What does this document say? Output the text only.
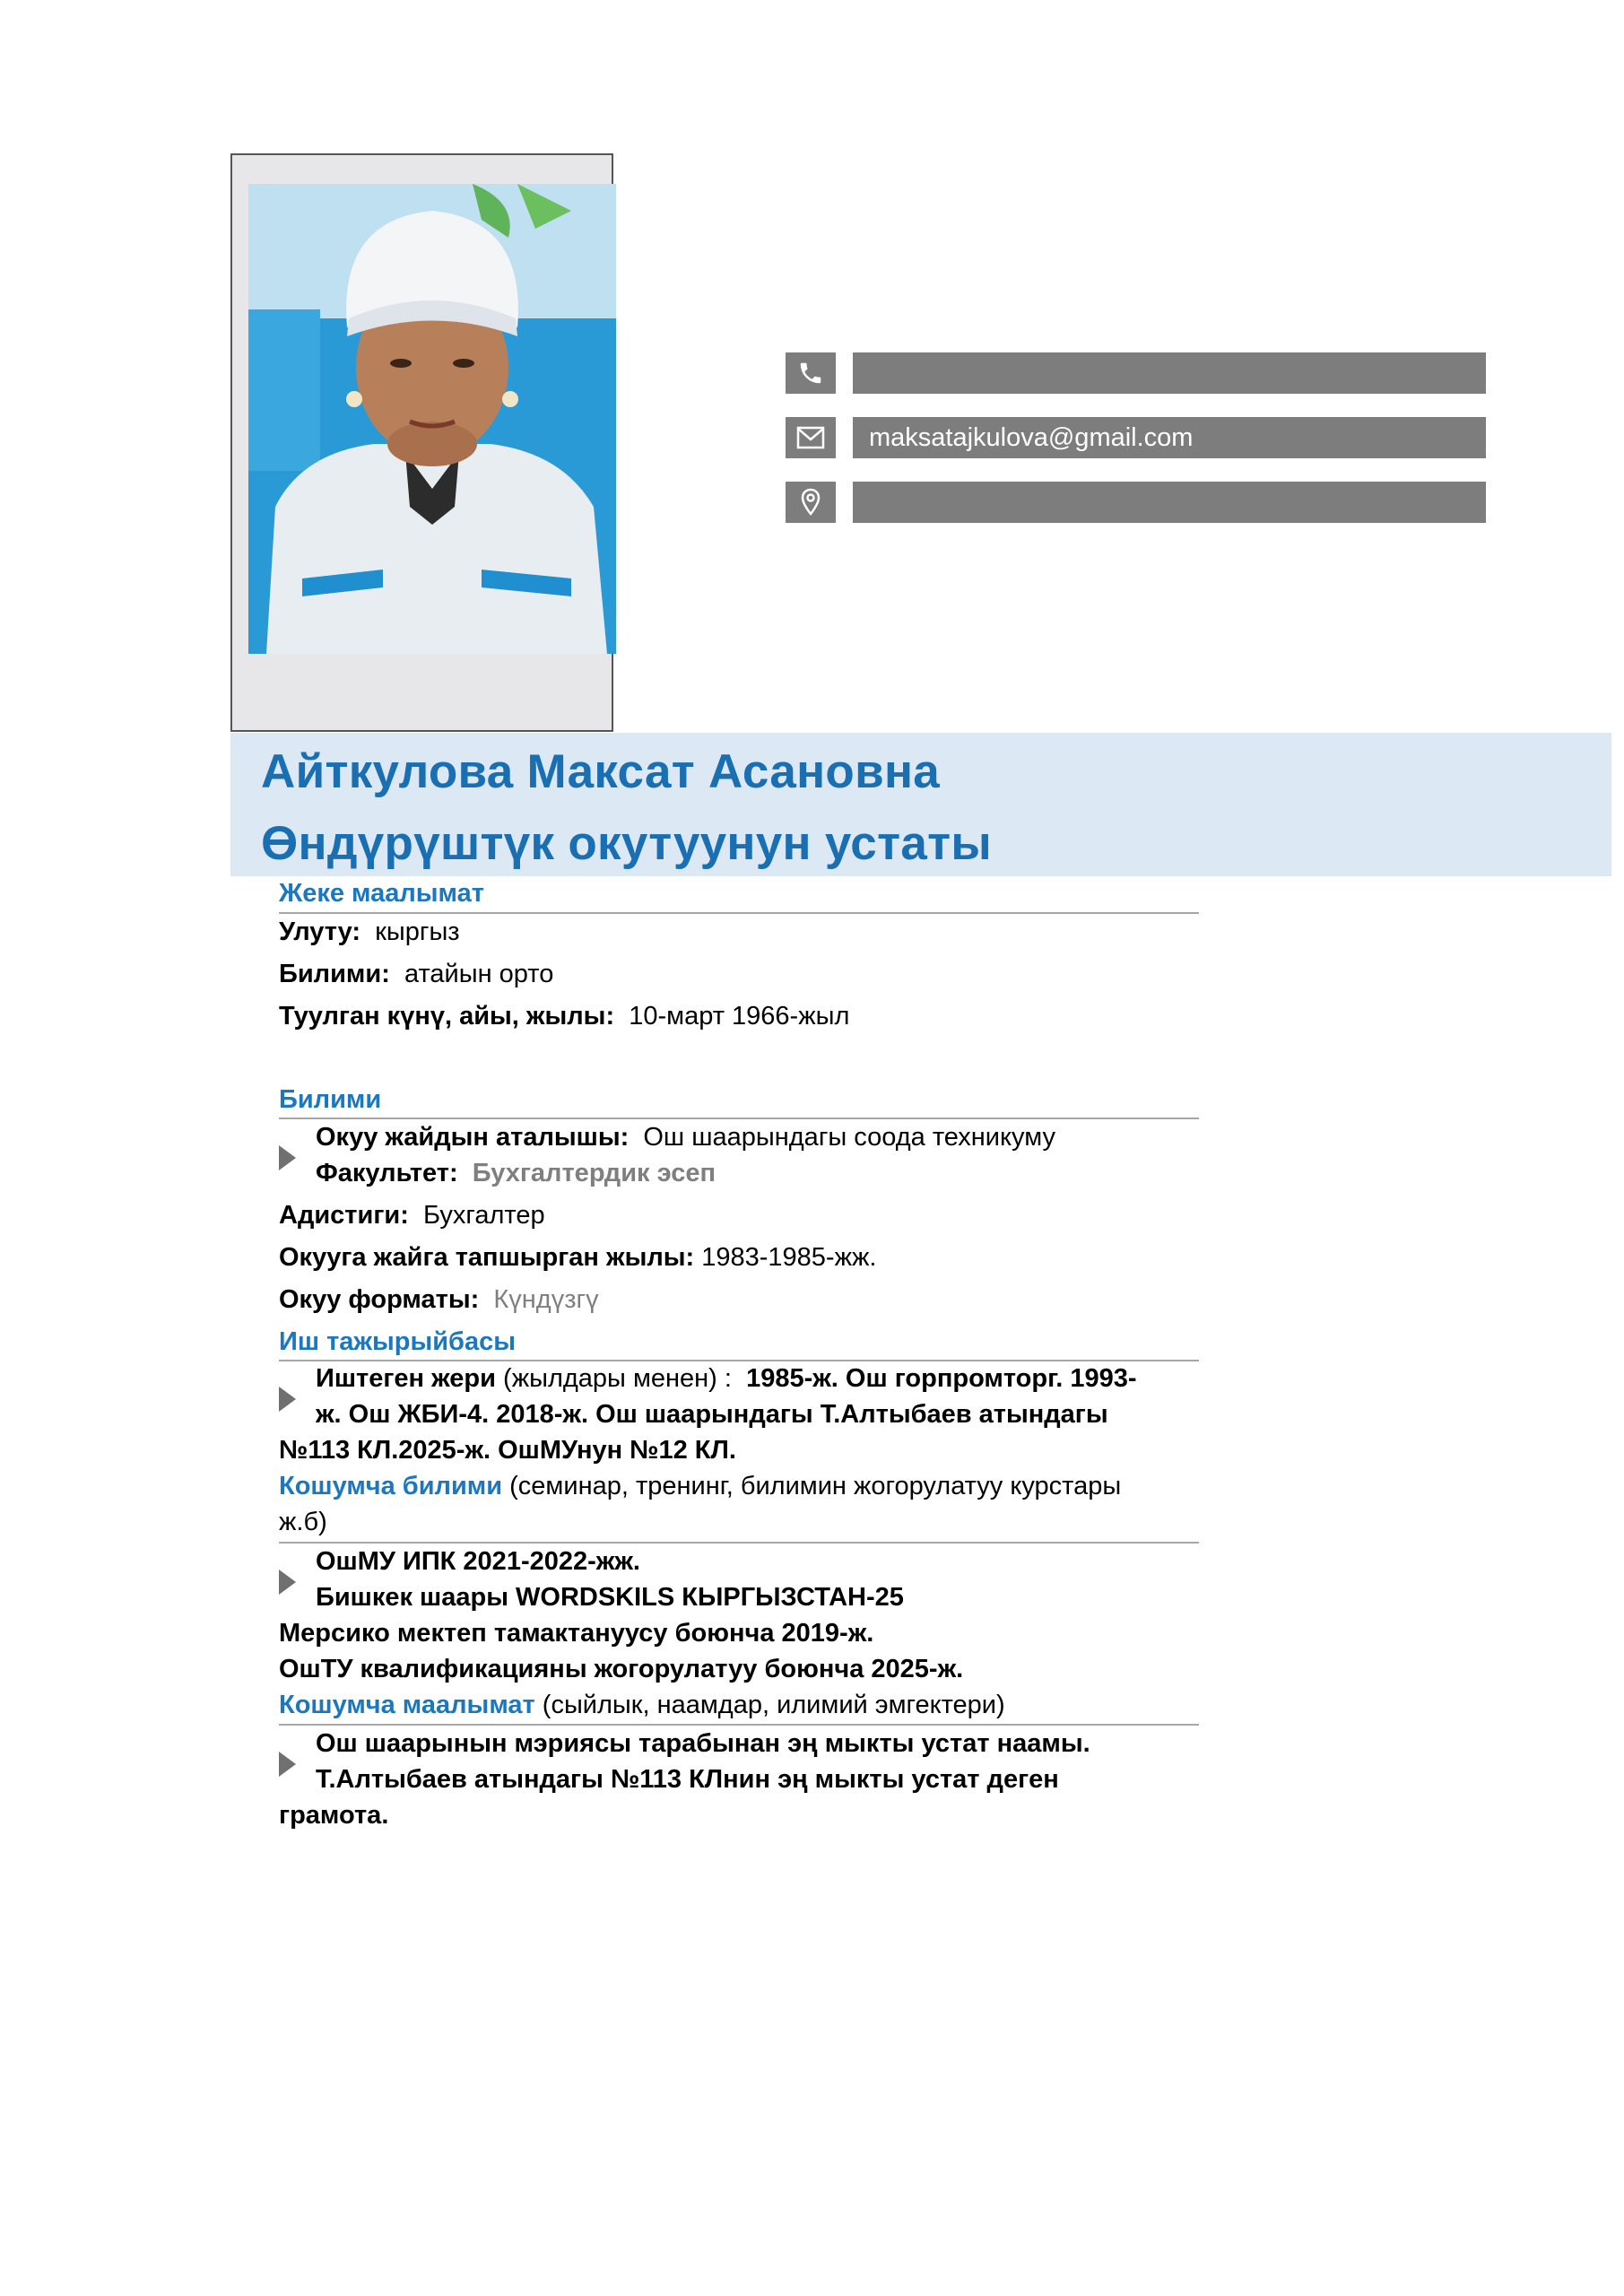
maksatajkulova@gmail.com
Айткулова Максат Асановна
Өндүрүштүк окутуунун устаты
Жеке маалымат
Улуту: кыргыз
Билими: атайын орто
Туулган күнү, айы, жылы: 10-март 1966-жыл
Билими
Окуу жайдын аталышы: Ош шаарындагы соода техникуму
Факультет: Бухгалтердик эсеп
Адистиги: Бухгалтер
Окууга жайга тапшырган жылы: 1983-1985-жж.
Окуу форматы: Күндүзгү
Иш тажырыйбасы
Иштеген жери (жылдары менен) : 1985-ж. Ош горпромторг. 1993-
ж. Ош ЖБИ-4. 2018-ж. Ош шаарындагы Т.Алтыбаев атындагы
№113 КЛ.2025-ж. ОшМУнун №12 КЛ.
Кошумча билими (семинар, тренинг, билимин жогорулатуу курстары
ж.б)
ОшМУ ИПК 2021-2022-жж.
Бишкек шаары WORDSKILS КЫРГЫЗСТАН-25
Мерсико мектеп тамактануусу боюнча 2019-ж.
ОшТУ квалификацияны жогорулатуу боюнча 2025-ж.
Кошумча маалымат (сыйлык, наамдар, илимий эмгектери)
Ош шаарынын мэриясы тарабынан эң мыкты устат наамы.
Т.Алтыбаев атындагы №113 КЛнин эң мыкты устат деген
грамота.
